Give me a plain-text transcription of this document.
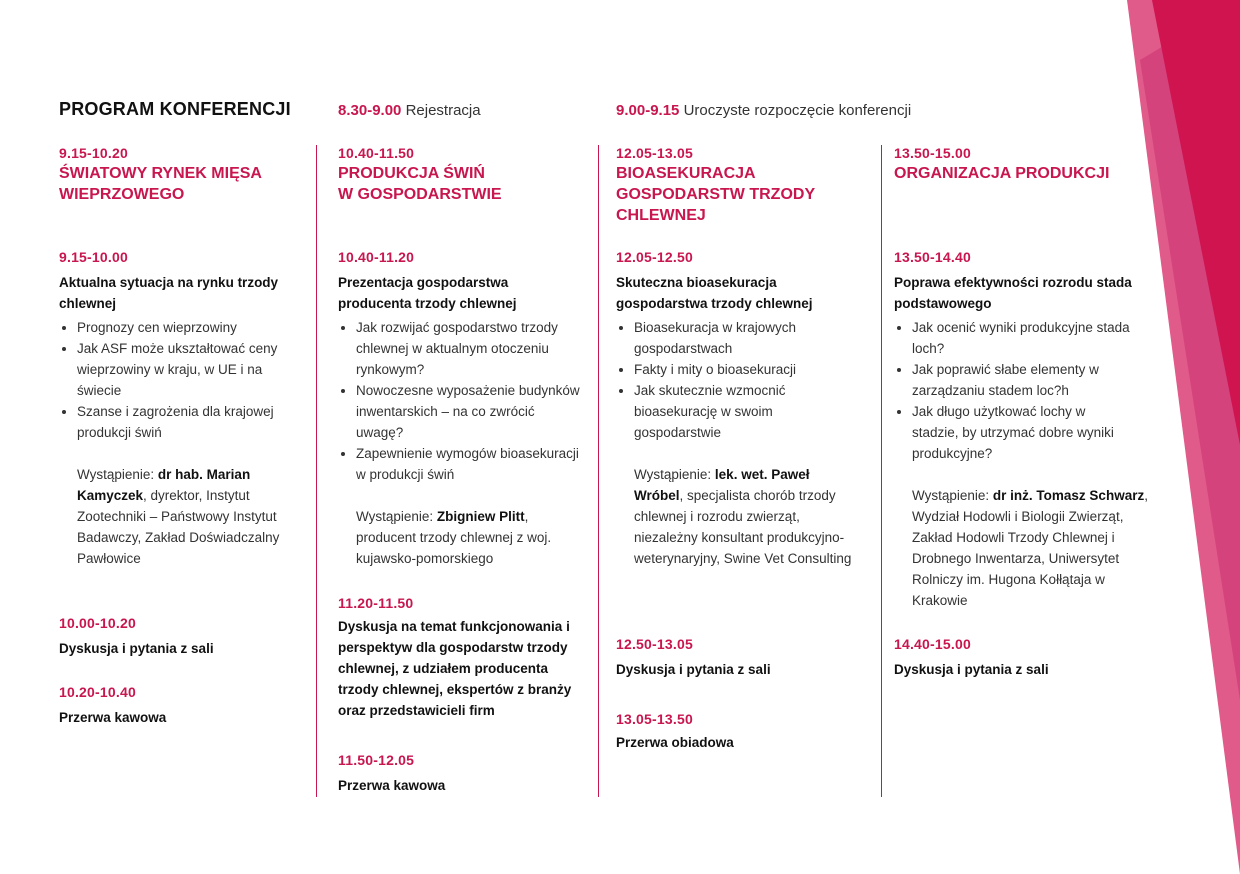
PROGRAM KONFERENCJI	8.30-9.00 Rejestracja	9.00-9.15 Uroczyste rozpoczęcie konferencji
9.15-10.20
ŚWIATOWY RYNEK MIĘSA
WIEPRZOWEGO
9.15-10.00
Aktualna sytuacja na rynku trzody
chlewnej
• Prognozy cen wieprzowiny
• Jak ASF może ukształtować ceny wieprzowiny w kraju, w UE i na świecie
• Szanse i zagrożenia dla krajowej produkcji świń
Wystąpienie: dr hab. Marian Kamyczek, dyrektor, Instytut Zootechniki – Państwowy Instytut Badawczy, Zakład Doświadczalny Pawłowice
10.00-10.20
Dyskusja i pytania z sali
10.20-10.40
Przerwa kawowa
10.40-11.50
PRODUKCJA ŚWIŃ
W GOSPODARSTWIE
10.40-11.20
Prezentacja gospodarstwa
producenta trzody chlewnej
• Jak rozwijać gospodarstwo trzody chlewnej w aktualnym otoczeniu rynkowym?
• Nowoczesne wyposażenie budynków inwentarskich – na co zwrócić uwagę?
• Zapewnienie wymogów bioasekuracji w produkcji świń
Wystąpienie: Zbigniew Plitt, producent trzody chlewnej z woj. kujawsko-pomorskiego
11.20-11.50
Dyskusja na temat funkcjonowania i perspektyw dla gospodarstw trzody chlewnej, z udziałem producenta trzody chlewnej, ekspertów z branży oraz przedstawicieli firm
11.50-12.05
Przerwa kawowa
12.05-13.05
BIOASEKURACJA
GOSPODARSTW TRZODY
CHLEWNEJ
12.05-12.50
Skuteczna bioasekuracja
gospodarstwa trzody chlewnej
• Bioasekuracja w krajowych gospodarstwach
• Fakty i mity o bioasekuracji
• Jak skutecznie wzmocnić bioasekurację w swoim gospodarstwie
Wystąpienie: lek. wet. Paweł Wróbel, specjalista chorób trzody chlewnej i rozrodu zwierząt, niezależny konsultant produkcyjno-weterynaryjny, Swine Vet Consulting
12.50-13.05
Dyskusja i pytania z sali
13.05-13.50
Przerwa obiadowa
13.50-15.00
ORGANIZACJA PRODUKCJI
13.50-14.40
Poprawa efektywności rozrodu stada
podstawowego
• Jak ocenić wyniki produkcyjne stada loch?
• Jak poprawić słabe elementy w zarządzaniu stadem loc?h
• Jak długo użytkować lochy w stadzie, by utrzymać dobre wyniki produkcyjne?
Wystąpienie: dr inż. Tomasz Schwarz, Wydział Hodowli i Biologii Zwierząt, Zakład Hodowli Trzody Chlewnej i Drobnego Inwentarza, Uniwersytet Rolniczy im. Hugona Kołłątaja w Krakowie
14.40-15.00
Dyskusja i pytania z sali
